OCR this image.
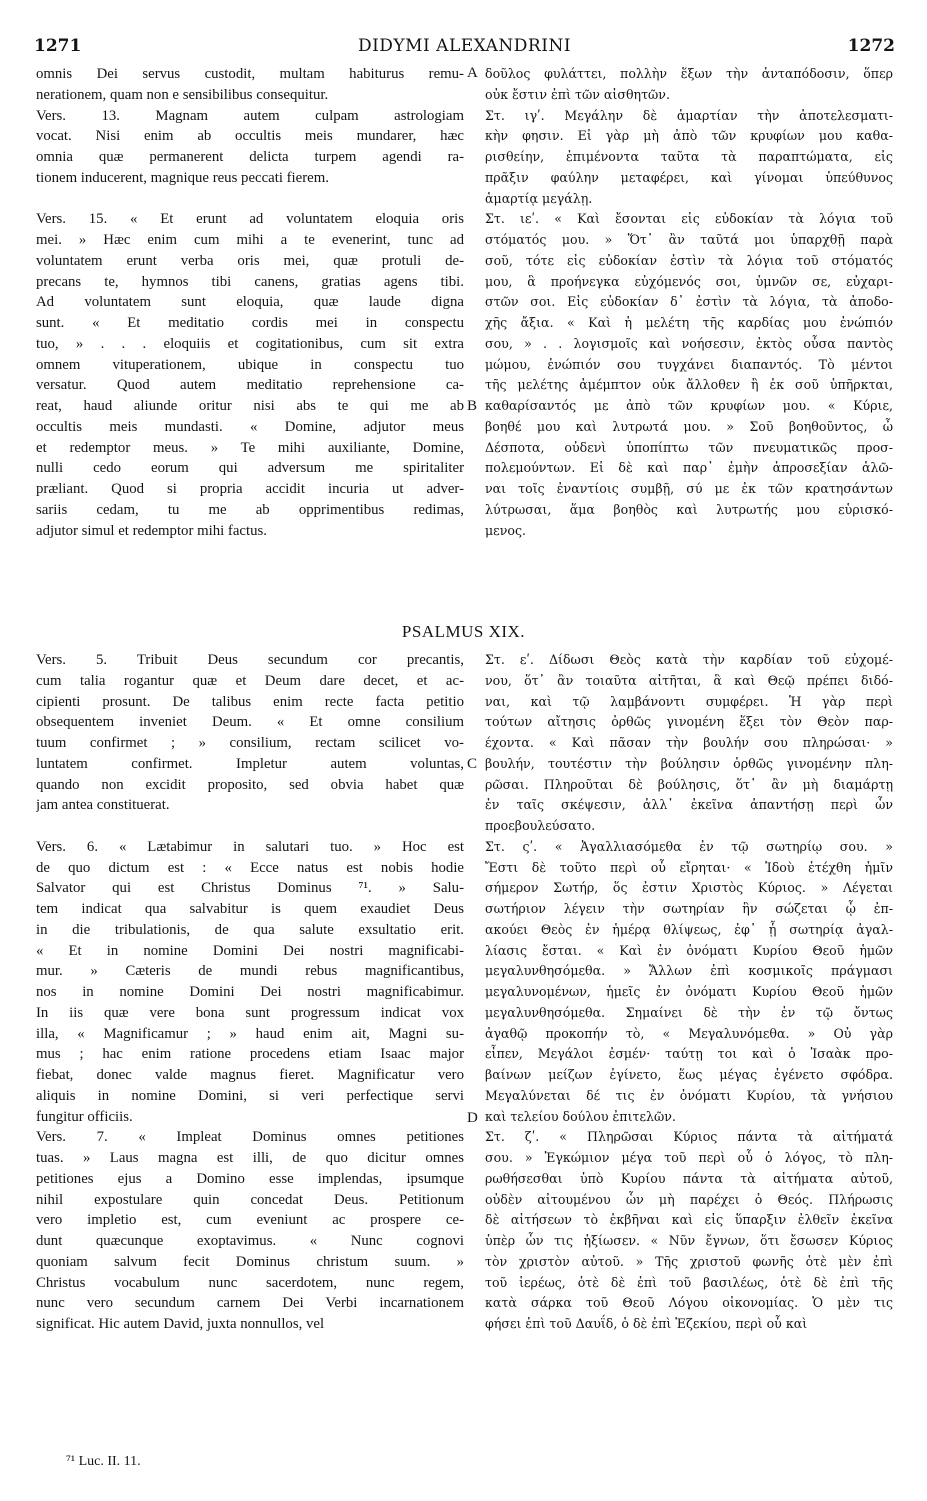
1271	DIDYMI ALEXANDRINI	1272
omnis Dei servus custodit, multam habiturus remu-
nerationem, quam non e sensibilibus consequitur.
Vers. 13. Magnam autem culpam astrologiam
vocat. Nisi enim ab occultis meis mundarer, hæc
omnia quæ permanerent delicta turpem agendi ra-
tionem inducerent, magnique reus peccati fierem.

Vers. 15. « Et erunt ad voluntatem eloquia oris
mei. » Hæc enim cum mihi a te evenerint, tunc ad
voluntatem erunt verba oris mei, quæ protuli de-
precans te, hymnos tibi canens, gratias agens tibi.
Ad voluntatem sunt eloquia, quæ laude digna
sunt. « Et meditatio cordis mei in conspectu
tuo, » . . . eloquiis et cogitationibus, cum sit extra
omnem vituperationem, ubique in conspectu tuo
versatur. Quod autem meditatio reprehensione ca-
reat, haud aliunde oritur nisi abs te qui me ab
occultis meis mundasti. « Domine, adjutor meus
et redemptor meus. » Te mihi auxiliante, Domine,
nulli cedo eorum qui adversum me spiritaliter
præliant. Quod si propria accidit incuria ut adver-
sariis cedam, tu me ab opprimentibus redimas,
adjutor simul et redemptor mihi factus.
δοῦλος φυλάττει, πολλὴν ἕξων τὴν ἀνταπόδοσιν, ὅπερ
οὐκ ἔστιν ἐπὶ τῶν αἰσθητῶν.
Στ. ιγʹ. Μεγάλην δὲ ἁμαρτίαν τὴν ἀποτελεσματι-
κὴν φησιν. Εἰ γὰρ μὴ ἀπὸ τῶν κρυφίων μου καθα-
ρισθείην, ἐπιμένοντα ταῦτα τὰ παραπτώματα, εἰς
πρᾶξιν φαύλην μεταφέρει, καὶ γίνομαι ὑπεύθυνος
ἁμαρτίᾳ μεγάλῃ.
Στ. ιεʹ. « Καὶ ἔσονται εἰς εὐδοκίαν τὰ λόγια τοῦ
στόματός μου. » Ὅτ᾽ ἂν ταῦτά μοι ὑπαρχθῇ παρὰ
σοῦ, τότε εἰς εὐδοκίαν ἐστὶν τὰ λόγια τοῦ στόματός
μου, ἃ προήνεγκα εὐχόμενός σοι, ὑμνῶν σε, εὐχαρι-
στῶν σοι. Εἰς εὐδοκίαν δ᾽ ἐστὶν τὰ λόγια, τὰ ἀποδο-
χῆς ἄξια. « Καὶ ἡ μελέτη τῆς καρδίας μου ἐνώπιόν
σου, » . . λογισμοῖς καὶ νοήσεσιν, ἐκτὸς οὖσα παντὸς
μώμου, ἐνώπιόν σου τυγχάνει διαπαντός. Τὸ μέντοι
τῆς μελέτης ἀμέμπτον οὐκ ἄλλοθεν ἢ ἐκ σοῦ ὑπῆρκται,
καθαρίσαντός με ἀπὸ τῶν κρυφίων μου. « Κύριε,
βοηθέ μου καὶ λυτρωτά μου. » Σοῦ βοηθοῦντος, ὦ
Δέσποτα, οὐδενὶ ὑποπίπτω τῶν πνευματικῶς προσ-
πολεμούντων. Εἰ δὲ καὶ παρ᾽ ἐμὴν ἀπροσεξίαν ἁλῶ-
ναι τοῖς ἐναντίοις συμβῇ, σύ με ἐκ τῶν κρατησάντων
λύτρωσαι, ἅμα βοηθὸς καὶ λυτρωτής μου εὑρισκό-
μενος.
PSALMUS XIX.
Vers. 5. Tribuit Deus secundum cor precantis,
cum talia rogantur quæ et Deum dare decet, et ac-
cipienti prosunt. De talibus enim recte facta petitio
obsequentem inveniet Deum. « Et omne consilium
tuum confirmet ; » consilium, rectam scilicet vo-
luntatem confirmet. Impletur autem voluntas,
quando non excidit proposito, sed obvia habet quæ
jam antea constituerat.

Vers. 6. « Lætabimur in salutari tuo. » Hoc est
de quo dictum est : « Ecce natus est nobis hodie
Salvator qui est Christus Dominus ⁷¹. » Salu-
tem indicat qua salvabitur is quem exaudiet Deus
in die tribulationis, de qua salute exsultatio erit.
« Et in nomine Domini Dei nostri magnificabi-
mur. » Cæteris de mundi rebus magnificantibus,
nos in nomine Domini Dei nostri magnificabimur.
In iis quæ vere bona sunt progressum indicat vox
illa, « Magnificamur ; » haud enim ait, Magni su-
mus ; hac enim ratione procedens etiam Isaac major
fiebat, donec valde magnus fieret. Magnificatur vero
aliquis in nomine Domini, si veri perfectique servi
fungitur officiis.
Vers. 7. « Impleat Dominus omnes petitiones
tuas. » Laus magna est illi, de quo dicitur omnes
petitiones ejus a Domino esse implendas, ipsumque
nihil expostulare quin concedat Deus. Petitionum
vero impletio est, cum eveniunt ac prospere ce-
dunt quæcunque exoptavimus. « Nunc cognovi
quoniam salvum fecit Dominus christum suum. »
Christus vocabulum nunc sacerdotem, nunc regem,
nunc vero secundum carnem Dei Verbi incarnationem
significat. Hic autem David, juxta nonnullos, vel
Στ. εʹ. Δίδωσι Θεὸς κατὰ τὴν καρδίαν τοῦ εὐχομέ-
νου, ὅτ᾽ ἂν τοιαῦτα αἰτῆται, ἃ καὶ Θεῷ πρέπει διδό-
ναι, καὶ τῷ λαμβάνοντι συμφέρει. Ἡ γὰρ περὶ
τούτων αἴτησις ὀρθῶς γινομένη ἕξει τὸν Θεὸν παρ-
έχοντα. « Καὶ πᾶσαν τὴν βουλήν σου πληρώσαι· »
βουλήν, τουτέστιν τὴν βούλησιν ὀρθῶς γινομένην πλη-
ρῶσαι. Πληροῦται δὲ βούλησις, ὅτ᾽ ἂν μὴ διαμάρτῃ
ἐν ταῖς σκέψεσιν, ἀλλ᾽ ἐκεῖνα ἀπαντήσῃ περὶ ὧν
προεβουλεύσατο.
Στ. ςʹ. « Ἀγαλλιασόμεθα ἐν τῷ σωτηρίῳ σου. »
Ἔστι δὲ τοῦτο περὶ οὗ εἴρηται· « Ἰδοὺ ἐτέχθη ἡμῖν
σήμερον Σωτήρ, ὅς ἐστιν Χριστὸς Κύριος. » Λέγεται
σωτήριον λέγειν τὴν σωτηρίαν ἣν σώζεται ᾧ ἐπ-
ακούει Θεὸς ἐν ἡμέρᾳ θλίψεως, ἐφ᾽ ᾗ σωτηρίᾳ ἀγαλ-
λίασις ἔσται. « Καὶ ἐν ὀνόματι Κυρίου Θεοῦ ἡμῶν
μεγαλυνθησόμεθα. » Ἄλλων ἐπὶ κοσμικοῖς πράγμασι
μεγαλυνομένων, ἡμεῖς ἐν ὀνόματι Κυρίου Θεοῦ ἡμῶν
μεγαλυνθησόμεθα. Σημαίνει δὲ τὴν ἐν τῷ ὄντως
ἀγαθῷ προκοπήν τὸ, « Μεγαλυνόμεθα. » Οὐ γὰρ
εἶπεν, Μεγάλοι ἐσμέν· ταύτῃ τοι καὶ ὁ Ἰσαὰκ προ-
βαίνων μείζων ἐγίνετο, ἕως μέγας ἐγένετο σφόδρα.
Μεγαλύνεται δέ τις ἐν ὀνόματι Κυρίου, τὰ γνήσιου
καὶ τελείου δούλου ἐπιτελῶν.
Στ. ζʹ. « Πληρῶσαι Κύριος πάντα τὰ αἰτήματά
σου. » Ἐγκώμιον μέγα τοῦ περὶ οὗ ὁ λόγος, τὸ πλη-
ρωθήσεσθαι ὑπὸ Κυρίου πάντα τὰ αἰτήματα αὐτοῦ,
οὐδὲν αἰτουμένου ὧν μὴ παρέχει ὁ Θεός. Πλήρωσις
δὲ αἰτήσεων τὸ ἐκβῆναι καὶ εἰς ὕπαρξιν ἐλθεῖν ἐκεῖνα
ὑπὲρ ὧν τις ἠξίωσεν. « Νῦν ἔγνων, ὅτι ἔσωσεν Κύριος
τὸν χριστὸν αὐτοῦ. » Τῆς χριστοῦ φωνῆς ὁτὲ μὲν ἐπὶ
τοῦ ἱερέως, ὁτὲ δὲ ἐπὶ τοῦ βασιλέως, ὁτὲ δὲ ἐπὶ τῆς
κατὰ σάρκα τοῦ Θεοῦ Λόγου οἰκονομίας. Ὁ μὲν τις
φήσει ἐπὶ τοῦ Δαυΐδ, ὁ δὲ ἐπὶ Ἐζεκίου, περὶ οὗ καὶ
A
B
C
D
⁷¹ Luc. II. 11.
